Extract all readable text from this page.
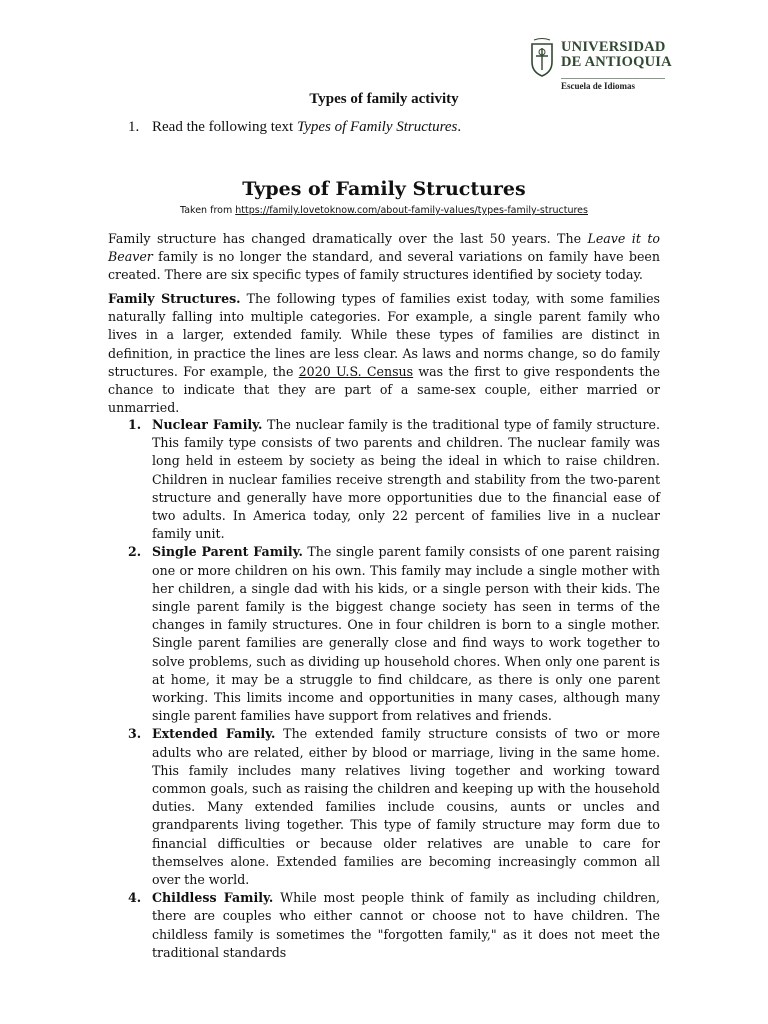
UNIVERSIDAD
DE ANTIOQUIA
Escuela de Idiomas
Types of family activity
1. Read the following text Types of Family Structures.
Types of Family Structures
Taken from https://family.lovetoknow.com/about-family-values/types-family-structures
Family structure has changed dramatically over the last 50 years. The Leave it to Beaver family is no longer the standard, and several variations on family have been created. There are six specific types of family structures identified by society today.
Family Structures. The following types of families exist today, with some families naturally falling into multiple categories. For example, a single parent family who lives in a larger, extended family. While these types of families are distinct in definition, in practice the lines are less clear. As laws and norms change, so do family structures. For example, the 2020 U.S. Census was the first to give respondents the chance to indicate that they are part of a same-sex couple, either married or unmarried.
1. Nuclear Family. The nuclear family is the traditional type of family structure. This family type consists of two parents and children. The nuclear family was long held in esteem by society as being the ideal in which to raise children. Children in nuclear families receive strength and stability from the two-parent structure and generally have more opportunities due to the financial ease of two adults. In America today, only 22 percent of families live in a nuclear family unit.
2. Single Parent Family. The single parent family consists of one parent raising one or more children on his own. This family may include a single mother with her children, a single dad with his kids, or a single person with their kids. The single parent family is the biggest change society has seen in terms of the changes in family structures. One in four children is born to a single mother. Single parent families are generally close and find ways to work together to solve problems, such as dividing up household chores. When only one parent is at home, it may be a struggle to find childcare, as there is only one parent working. This limits income and opportunities in many cases, although many single parent families have support from relatives and friends.
3. Extended Family. The extended family structure consists of two or more adults who are related, either by blood or marriage, living in the same home. This family includes many relatives living together and working toward common goals, such as raising the children and keeping up with the household duties. Many extended families include cousins, aunts or uncles and grandparents living together. This type of family structure may form due to financial difficulties or because older relatives are unable to care for themselves alone. Extended families are becoming increasingly common all over the world.
4. Childless Family. While most people think of family as including children, there are couples who either cannot or choose not to have children. The childless family is sometimes the "forgotten family," as it does not meet the traditional standards
